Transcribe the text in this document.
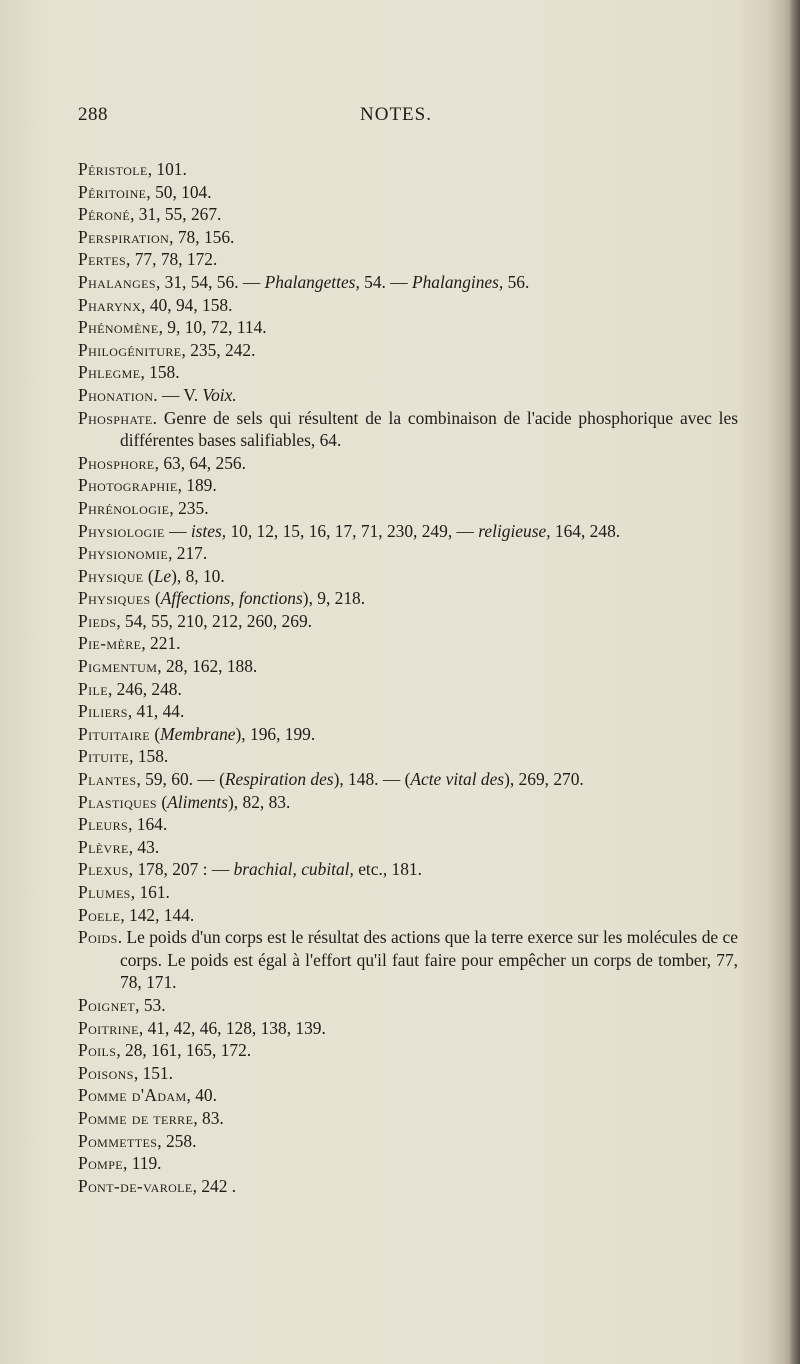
288	NOTES.
Péristole, 101.
Péritoine, 50, 104.
Péroné, 31, 55, 267.
Perspiration, 78, 156.
Pertes, 77, 78, 172.
Phalanges, 31, 54, 56. — Phalangettes, 54. — Phalangines, 56.
Pharynx, 40, 94, 158.
Phénomène, 9, 10, 72, 114.
Philogéniture, 235, 242.
Phlegme, 158.
Phonation. — V. Voix.
Phosphate. Genre de sels qui résultent de la combinaison de l'acide phosphorique avec les différentes bases salifiables, 64.
Phosphore, 63, 64, 256.
Photographie, 189.
Phrénologie, 235.
Physiologie — istes, 10, 12, 15, 16, 17, 71, 230, 249, — religieuse, 164, 248.
Physionomie, 217.
Physique (Le), 8, 10.
Physiques (Affections, fonctions), 9, 218.
Pieds, 54, 55, 210, 212, 260, 269.
Pie-mère, 221.
Pigmentum, 28, 162, 188.
Pile, 246, 248.
Piliers, 41, 44.
Pituitaire (Membrane), 196, 199.
Pituite, 158.
Plantes, 59, 60. — (Respiration des), 148. — (Acte vital des), 269, 270.
Plastiques (Aliments), 82, 83.
Pleurs, 164.
Plèvre, 43.
Plexus, 178, 207 : — brachial, cubital, etc., 181.
Plumes, 161.
Poele, 142, 144.
Poids. Le poids d'un corps est le résultat des actions que la terre exerce sur les molécules de ce corps. Le poids est égal à l'effort qu'il faut faire pour empêcher un corps de tomber, 77, 78, 171.
Poignet, 53.
Poitrine, 41, 42, 46, 128, 138, 139.
Poils, 28, 161, 165, 172.
Poisons, 151.
Pomme d'Adam, 40.
Pomme de terre, 83.
Pommettes, 258.
Pompe, 119.
Pont-de-varole, 242 .
